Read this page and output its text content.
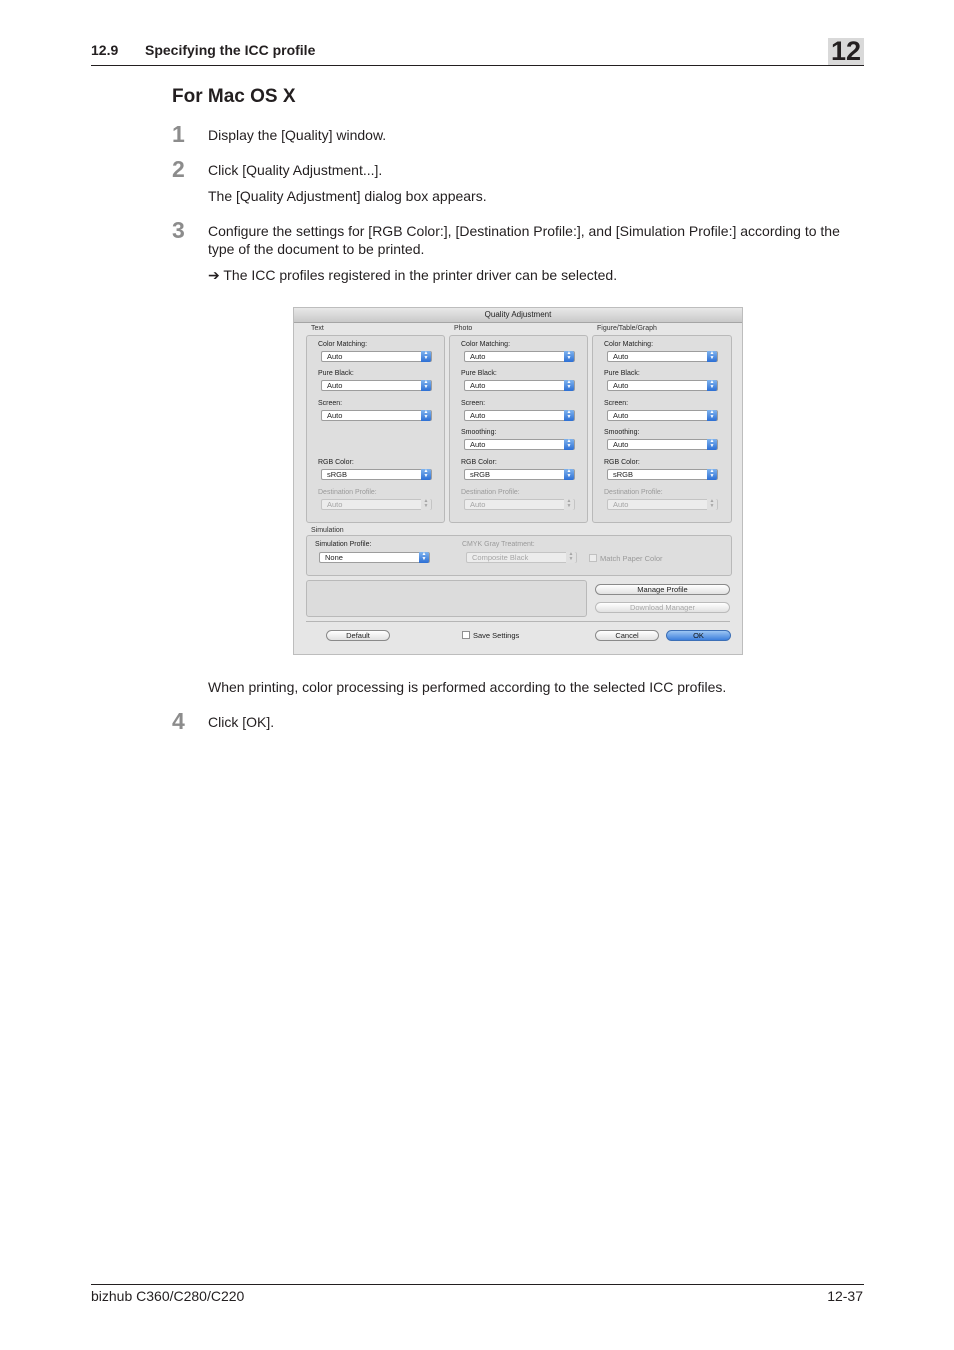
12.9 Specifying the ICC profile	12
For Mac OS X
1 Display the [Quality] window.
2 Click [Quality Adjustment...].
The [Quality Adjustment] dialog box appears.
3 Configure the settings for [RGB Color:], [Destination Profile:], and [Simulation Profile:] according to the
type of the document to be printed.
➔ The ICC profiles registered in the printer driver can be selected.
Quality Adjustment
Text
Color Matching:
Auto	▲
▼
Pure Black:
Auto	▲
▼
Screen:
Auto	▲
▼
RGB Color:
sRGB	▲
▼
Destination Profile:
Auto	▲
▼
Photo
Color Matching:
Auto	▲
▼
Pure Black:
Auto	▲
▼
Screen:
Auto	▲
▼
Smoothing:
Auto	▲
▼
RGB Color:
sRGB	▲
▼
Destination Profile:
Auto	▲
▼
Figure/Table/Graph
Color Matching:
Auto	▲
▼
Pure Black:
Auto	▲
▼
Screen:
Auto	▲
▼
Smoothing:
Auto	▲
▼
RGB Color:
sRGB	▲
▼
Destination Profile:
Auto	▲
▼
Simulation
Simulation Profile:
None	▲
▼
CMYK Gray Treatment:
Composite Black	▲
▼	Match Paper Color
Manage Profile
Download Manager
Default	Save Settings	Cancel	OK
When printing, color processing is performed according to the selected ICC profiles.
4 Click [OK].
bizhub C360/C280/C220	12-37
